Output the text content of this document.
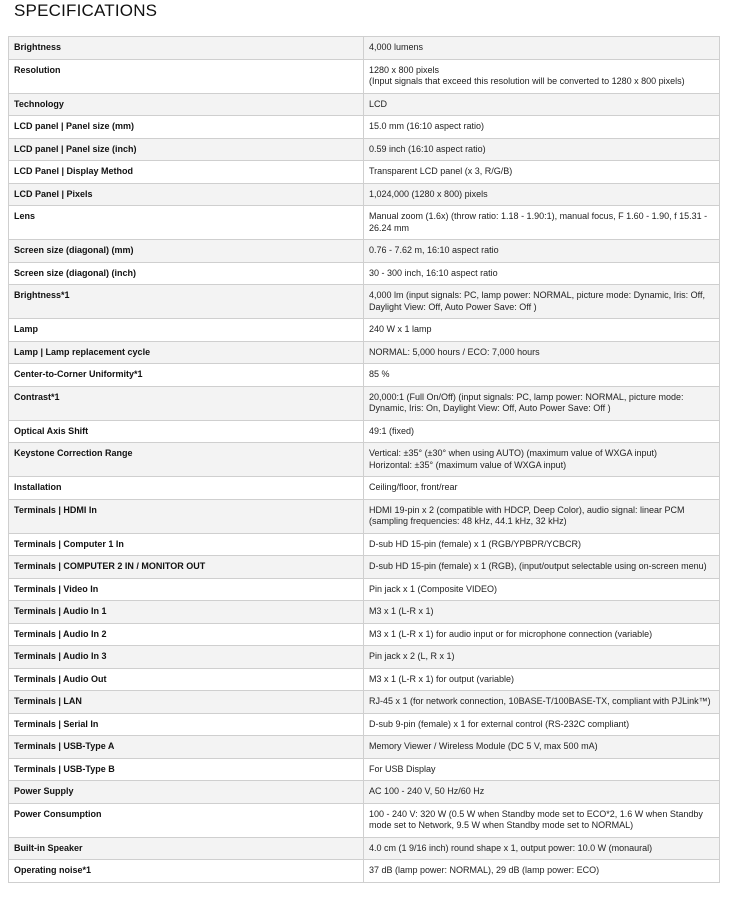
SPECIFICATIONS
Brightness	4,000 lumens

Resolution	1280 x 800 pixels
(Input signals that exceed this resolution will be converted to 1280 x 800 pixels)

Technology	LCD

LCD panel | Panel size (mm)	15.0 mm (16:10 aspect ratio)

LCD panel | Panel size (inch)	0.59 inch (16:10 aspect ratio)

LCD Panel | Display Method	Transparent LCD panel (x 3, R/G/B)

LCD Panel | Pixels	1,024,000 (1280 x 800) pixels

Lens	Manual zoom (1.6x) (throw ratio: 1.18 - 1.90:1), manual focus, F 1.60 - 1.90, f 15.31 - 26.24 mm

Screen size (diagonal) (mm)	0.76 - 7.62 m, 16:10 aspect ratio

Screen size (diagonal) (inch)	30 - 300 inch, 16:10 aspect ratio

Brightness*1	4,000 lm (input signals: PC, lamp power: NORMAL, picture mode: Dynamic, Iris: Off, Daylight View: Off, Auto Power Save: Off )

Lamp	240 W x 1 lamp

Lamp | Lamp replacement cycle	NORMAL: 5,000 hours / ECO: 7,000 hours

Center-to-Corner Uniformity*1	85 %

Contrast*1	20,000:1 (Full On/Off) (input signals: PC, lamp power: NORMAL, picture mode: Dynamic, Iris: On, Daylight View: Off, Auto Power Save: Off )

Optical Axis Shift	49:1 (fixed)

Keystone Correction Range	Vertical: ±35° (±30° when using AUTO) (maximum value of WXGA input)
Horizontal: ±35° (maximum value of WXGA input)

Installation	Ceiling/floor, front/rear

Terminals | HDMI In	HDMI 19-pin x 2 (compatible with HDCP, Deep Color), audio signal: linear PCM (sampling frequencies: 48 kHz, 44.1 kHz, 32 kHz)

Terminals | Computer 1 In	D-sub HD 15-pin (female) x 1 (RGB/YPBPR/YCBCR)

Terminals | COMPUTER 2 IN / MONITOR OUT	D-sub HD 15-pin (female) x 1 (RGB), (input/output selectable using on-screen menu)

Terminals | Video In	Pin jack x 1 (Composite VIDEO)

Terminals | Audio In 1	M3 x 1 (L-R x 1)

Terminals | Audio In 2	M3 x 1 (L-R x 1) for audio input or for microphone connection (variable)

Terminals | Audio In 3	Pin jack x 2 (L, R x 1)

Terminals | Audio Out	M3 x 1 (L-R x 1) for output (variable)

Terminals | LAN	RJ-45 x 1 (for network connection, 10BASE-T/100BASE-TX, compliant with PJLink™)

Terminals | Serial In	D-sub 9-pin (female) x 1 for external control (RS-232C compliant)

Terminals | USB-Type A	Memory Viewer / Wireless Module (DC 5 V, max 500 mA)

Terminals | USB-Type B	For USB Display

Power Supply	AC 100 - 240 V, 50 Hz/60 Hz

Power Consumption	100 - 240 V: 320 W (0.5 W when Standby mode set to ECO*2, 1.6 W when Standby mode set to Network, 9.5 W when Standby mode set to NORMAL)

Built-in Speaker	4.0 cm (1 9/16 inch) round shape x 1, output power: 10.0 W (monaural)

Operating noise*1	37 dB (lamp power: NORMAL), 29 dB (lamp power: ECO)
